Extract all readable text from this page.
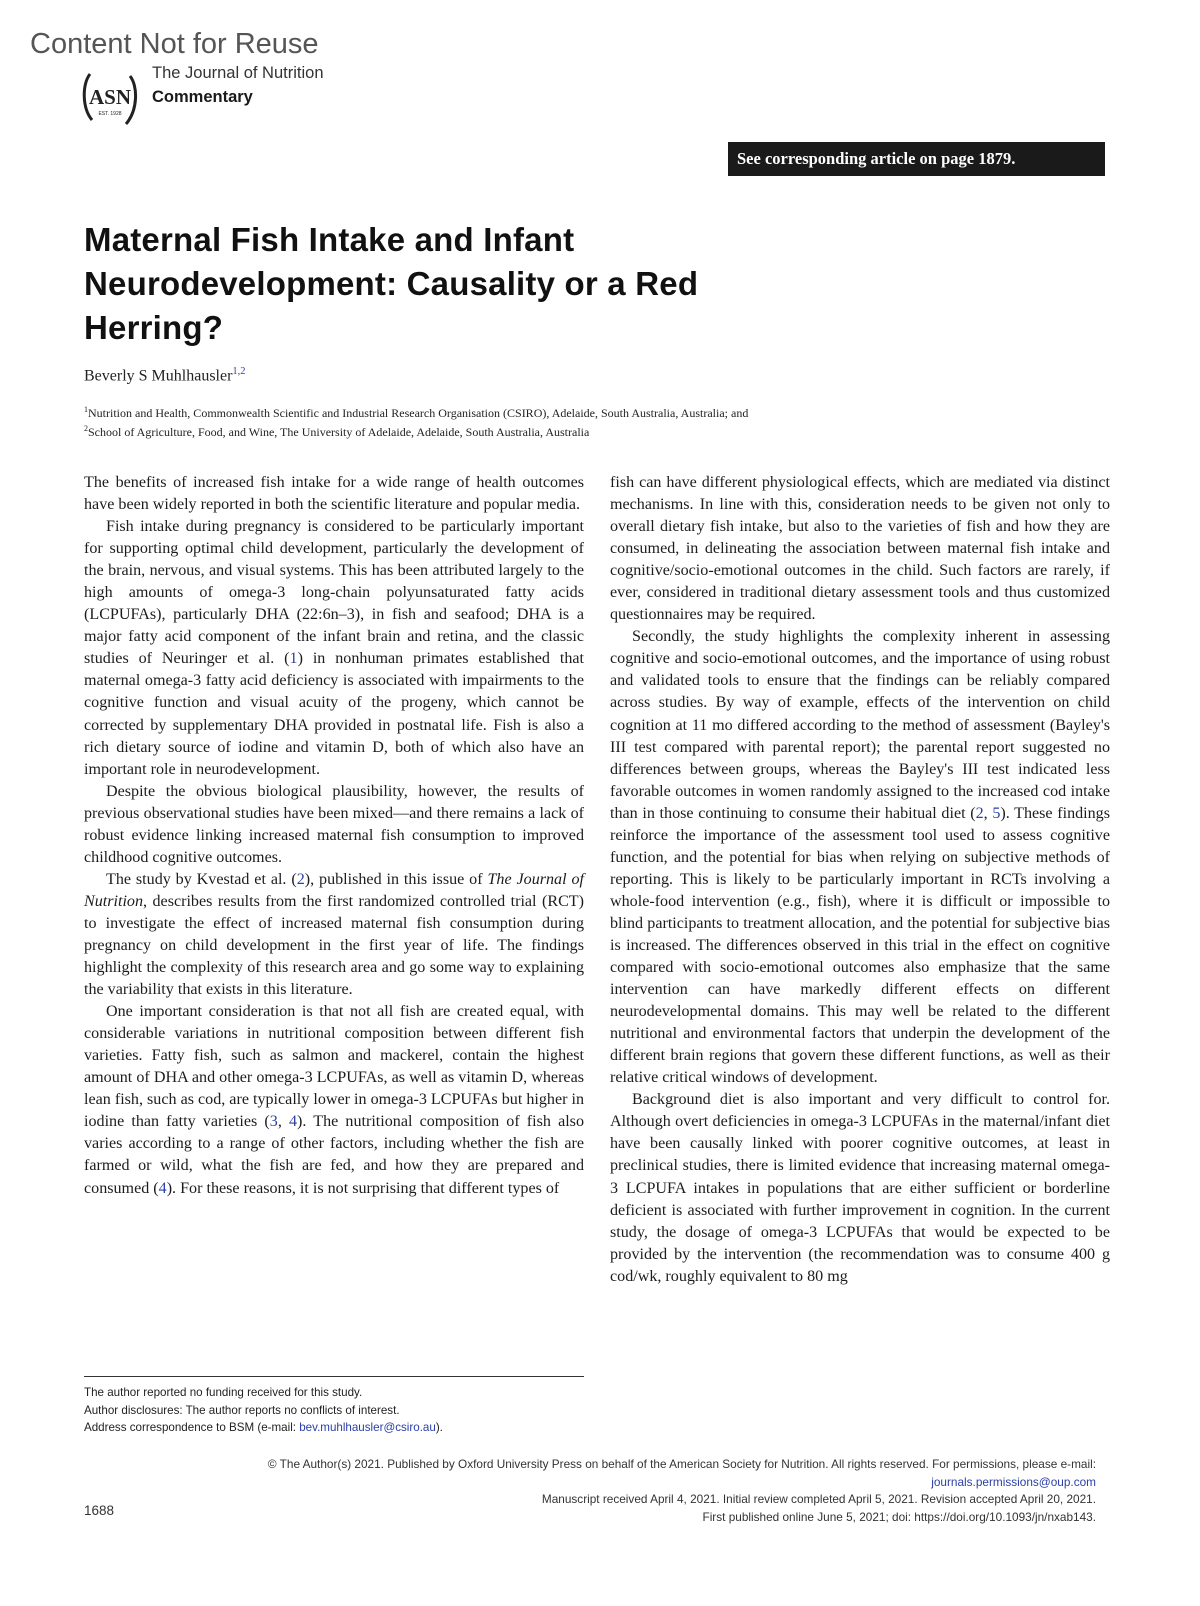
Content Not for Reuse
ASN
EST. 1928
The Journal of Nutrition
Commentary
See corresponding article on page 1879.
Maternal Fish Intake and Infant Neurodevelopment: Causality or a Red Herring?
Beverly S Muhlhausler$^{1,2}$
$^1$Nutrition and Health, Commonwealth Scientific and Industrial Research Organisation (CSIRO), Adelaide, South Australia, Australia; and
$^2$School of Agriculture, Food, and Wine, The University of Adelaide, Adelaide, South Australia, Australia

The benefits of increased fish intake for a wide range of health outcomes have been widely reported in both the scientific literature and popular media.

Fish intake during pregnancy is considered to be particularly important for supporting optimal child development, particularly the development of the brain, nervous, and visual systems. This has been attributed largely to the high amounts of omega-3 long-chain polyunsaturated fatty acids (LCPUFAs), particularly DHA (22:6n–3), in fish and seafood; DHA is a major fatty acid component of the infant brain and retina, and the classic studies of Neuringer et al. (1) in nonhuman primates established that maternal omega-3 fatty acid deficiency is associated with impairments to the cognitive function and visual acuity of the progeny, which cannot be corrected by supplementary DHA provided in postnatal life. Fish is also a rich dietary source of iodine and vitamin D, both of which also have an important role in neurodevelopment.

Despite the obvious biological plausibility, however, the results of previous observational studies have been mixed—and there remains a lack of robust evidence linking increased maternal fish consumption to improved childhood cognitive outcomes.

The study by Kvestad et al. (2), published in this issue of The Journal of Nutrition, describes results from the first randomized controlled trial (RCT) to investigate the effect of increased maternal fish consumption during pregnancy on child development in the first year of life. The findings highlight the complexity of this research area and go some way to explaining the variability that exists in this literature.

One important consideration is that not all fish are created equal, with considerable variations in nutritional composition between different fish varieties. Fatty fish, such as salmon and mackerel, contain the highest amount of DHA and other omega-3 LCPUFAs, as well as vitamin D, whereas lean fish, such as cod, are typically lower in omega-3 LCPUFAs but higher in iodine than fatty varieties (3, 4). The nutritional composition of fish also varies according to a range of other factors, including whether the fish are farmed or wild, what the fish are fed, and how they are prepared and consumed (4). For these reasons, it is not surprising that different types of

fish can have different physiological effects, which are mediated via distinct mechanisms. In line with this, consideration needs to be given not only to overall dietary fish intake, but also to the varieties of fish and how they are consumed, in delineating the association between maternal fish intake and cognitive/socio-emotional outcomes in the child. Such factors are rarely, if ever, considered in traditional dietary assessment tools and thus customized questionnaires may be required.

Secondly, the study highlights the complexity inherent in assessing cognitive and socio-emotional outcomes, and the importance of using robust and validated tools to ensure that the findings can be reliably compared across studies. By way of example, effects of the intervention on child cognition at 11 mo differed according to the method of assessment (Bayley's III test compared with parental report); the parental report suggested no differences between groups, whereas the Bayley's III test indicated less favorable outcomes in women randomly assigned to the increased cod intake than in those continuing to consume their habitual diet (2, 5). These findings reinforce the importance of the assessment tool used to assess cognitive function, and the potential for bias when relying on subjective methods of reporting. This is likely to be particularly important in RCTs involving a whole-food intervention (e.g., fish), where it is difficult or impossible to blind participants to treatment allocation, and the potential for subjective bias is increased. The differences observed in this trial in the effect on cognitive compared with socio-emotional outcomes also emphasize that the same intervention can have markedly different effects on different neurodevelopmental domains. This may well be related to the different nutritional and environmental factors that underpin the development of the different brain regions that govern these different functions, as well as their relative critical windows of development.

Background diet is also important and very difficult to control for. Although overt deficiencies in omega-3 LCPUFAs in the maternal/infant diet have been causally linked with poorer cognitive outcomes, at least in preclinical studies, there is limited evidence that increasing maternal omega-3 LCPUFA intakes in populations that are either sufficient or borderline deficient is associated with further improvement in cognition. In the current study, the dosage of omega-3 LCPUFAs that would be expected to be provided by the intervention (the recommendation was to consume 400 g cod/wk, roughly equivalent to 80 mg

The author reported no funding received for this study.
Author disclosures: The author reports no conflicts of interest.
Address correspondence to BSM (e-mail: bev.muhlhausler@csiro.au).
© The Author(s) 2021. Published by Oxford University Press on behalf of the American Society for Nutrition. All rights reserved. For permissions, please e-mail:
journals.permissions@oup.com
Manuscript received April 4, 2021. Initial review completed April 5, 2021. Revision accepted April 20, 2021.
First published online June 5, 2021; doi: https://doi.org/10.1093/jn/nxab143.
1688
